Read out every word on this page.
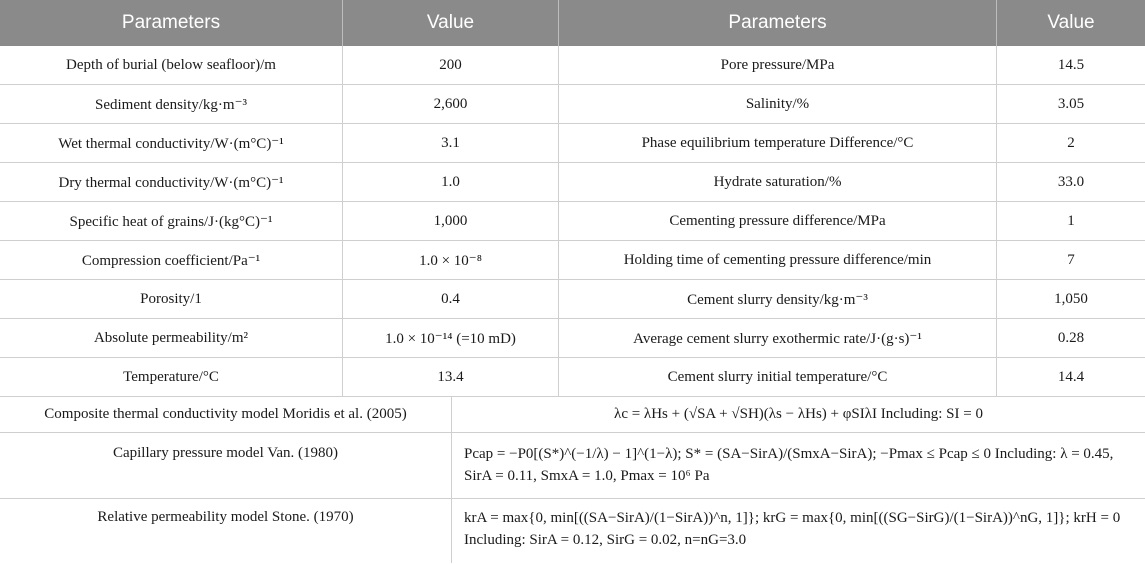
Parameters	Value	Parameters	Value
Depth of burial (below seafloor)/m	200	Pore pressure/MPa	14.5
Sediment density/kg·m⁻³	2,600	Salinity/%	3.05
Wet thermal conductivity/W·(m°C)⁻¹	3.1	Phase equilibrium temperature Difference/°C	2
Dry thermal conductivity/W·(m°C)⁻¹	1.0	Hydrate saturation/%	33.0
Specific heat of grains/J·(kg°C)⁻¹	1,000	Cementing pressure difference/MPa	1
Compression coefficient/Pa⁻¹	1.0 × 10⁻⁸	Holding time of cementing pressure difference/min	7
Porosity/1	0.4	Cement slurry density/kg·m⁻³	1,050
Absolute permeability/m²	1.0 × 10⁻¹⁴ (=10 mD)	Average cement slurry exothermic rate/J·(g·s)⁻¹	0.28
Temperature/°C	13.4	Cement slurry initial temperature/°C	14.4
Composite thermal conductivity model Moridis et al. (2005)	λc = λHs + (√SA + √SH)(λs − λHs) + φSIλI Including: SI = 0
Capillary pressure model Van. (1980)	Pcap = −P0[(S*)^(−1/λ) − 1]^(1−λ); S* = (SA−SirA)/(SmxA−SirA); −Pmax ≤ Pcap ≤ 0 Including: λ = 0.45, SirA = 0.11, SmxA = 1.0, Pmax = 10⁶ Pa
Relative permeability model Stone. (1970)	krA = max{0, min[((SA−SirA)/(1−SirA))^n, 1]}; krG = max{0, min[((SG−SirG)/(1−SirA))^nG, 1]}; krH = 0 Including: SirA = 0.12, SirG = 0.02, n=nG=3.0
